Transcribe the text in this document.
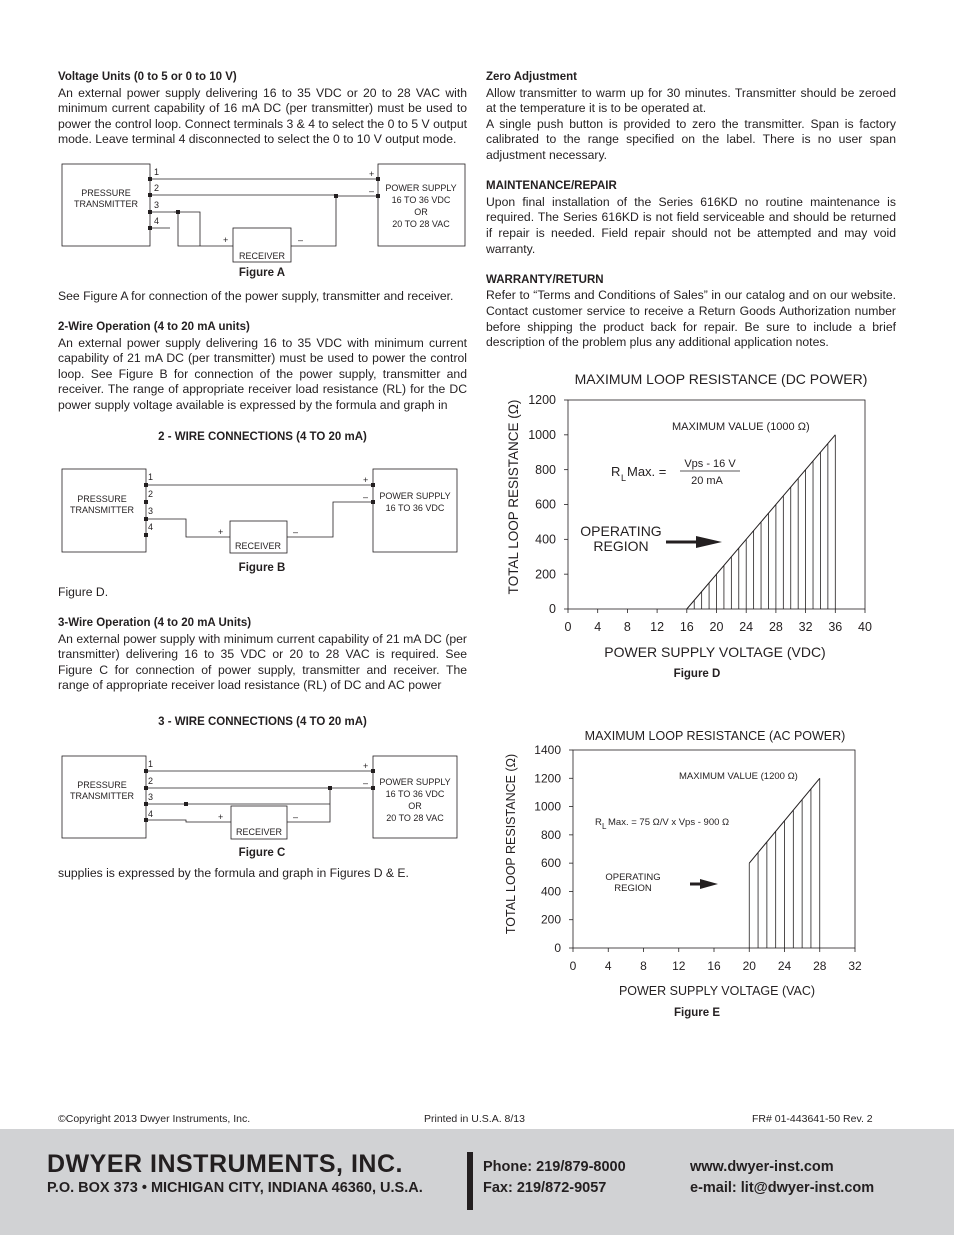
Voltage Units (0 to 5 or 0 to 10 V)

An external power supply delivering 16 to 35 VDC or 20 to 28 VAC with minimum current capability of 16 mA DC (per transmitter) must be used to power the control loop. Connect terminals 3 & 4 to select the 0 to 5 V output mode. Leave terminal 4 disconnected to select the 0 to 10 V output mode.

1
2
3
4
+
–
+	–
PRESSURE
TRANSMITTER
RECEIVER
POWER SUPPLY
16 TO 36 VDC
OR
20 TO 28 VAC
Figure A
See Figure A for connection of the power supply, transmitter and receiver.
2-Wire Operation (4 to 20 mA units)

An external power supply delivering 16 to 35 VDC with minimum current capability of 21 mA DC (per transmitter) must be used to power the control loop. See Figure B for connection of the power supply, transmitter and receiver. The range of appropriate receiver load resistance (RL) for the DC power supply voltage available is expressed by the formula and graph in

2 - WIRE CONNECTIONS (4 TO 20 mA)
1
2
3
4
+
–
+	–
PRESSURE
TRANSMITTER
RECEIVER
POWER SUPPLY
16 TO 36 VDC
Figure B
Figure D.
3-Wire Operation (4 to 20 mA Units)

An external power supply with minimum current capability of 21 mA DC (per transmitter) delivering 16 to 35 VDC or 20 to 28 VAC is required. See Figure C for connection of power supply, transmitter and receiver. The range of appropriate receiver load resistance (RL) of DC and AC power

3 - WIRE CONNECTIONS (4 TO 20 mA)
1
2
3
4
+
–
+	–
PRESSURE
TRANSMITTER
RECEIVER
POWER SUPPLY
16 TO 36 VDC
OR
20 TO 28 VAC
Figure C
supplies is expressed by the formula and graph in Figures D & E.
Zero Adjustment

Allow transmitter to warm up for 30 minutes. Transmitter should be zeroed at the temperature it is to be operated at.

A single push button is provided to zero the transmitter. Span is factory calibrated to the range specified on the label. There is no user span adjustment necessary.

MAINTENANCE/REPAIR

Upon final installation of the Series 616KD no routine maintenance is required. The Series 616KD is not field serviceable and should be returned if repair is needed. Field repair should not be attempted and may void warranty.

WARRANTY/RETURN

Refer to “Terms and Conditions of Sales” in our catalog and on our website. Contact customer service to receive a Return Goods Authorization number before shipping the product back for repair. Be sure to include a brief description of the problem plus any additional application notes.

MAXIMUM LOOP RESISTANCE (DC POWER)
TOTAL LOOP RESISTANCE (Ω)
POWER SUPPLY VOLTAGE (VDC)
0
200
400
600
800
1000
1200
0 4 8 12 16 20 24 28 32 36 40
MAXIMUM VALUE (1000 Ω)
R L Max. = Vps - 16 V
20 mA
OPERATING
REGION
Figure D
MAXIMUM LOOP RESISTANCE (AC POWER)
TOTAL LOOP RESISTANCE (Ω)
POWER SUPPLY VOLTAGE (VAC)
0
200
400
600
800
1000
1200
1400
0 4 8 12 16 20 24 28 32
MAXIMUM VALUE (1200 Ω)
R L Max. = 75 Ω/V x Vps - 900 Ω
OPERATING
REGION
Figure E
©Copyright 2013 Dwyer Instruments, Inc.	Printed in U.S.A. 8/13	FR# 01-443641-50 Rev. 2
DWYER INSTRUMENTS, INC.
P.O. BOX 373 • MICHIGAN CITY, INDIANA 46360, U.S.A.
Phone: 219/879-8000
Fax: 219/872-9057
www.dwyer-inst.com
e-mail: lit@dwyer-inst.com
